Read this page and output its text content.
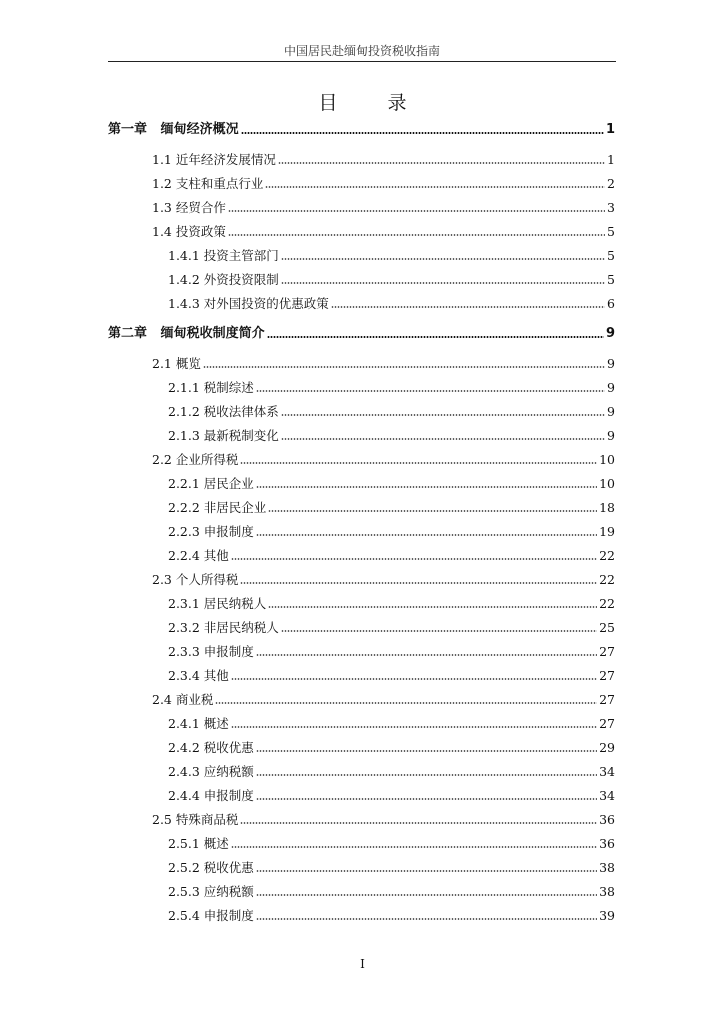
中国居民赴缅甸投资税收指南
目 录
第一章   缅甸经济概况	1
1.1 近年经济发展情况	1
1.2 支柱和重点行业	2
1.3 经贸合作	3
1.4 投资政策	5
1.4.1 投资主管部门	5
1.4.2 外资投资限制	5
1.4.3 对外国投资的优惠政策	6
第二章   缅甸税收制度简介	9
2.1 概览	9
2.1.1 税制综述	9
2.1.2 税收法律体系	9
2.1.3 最新税制变化	9
2.2 企业所得税	10
2.2.1 居民企业	10
2.2.2 非居民企业	18
2.2.3 申报制度	19
2.2.4 其他	22
2.3 个人所得税	22
2.3.1 居民纳税人	22
2.3.2 非居民纳税人	25
2.3.3 申报制度	27
2.3.4 其他	27
2.4 商业税	27
2.4.1 概述	27
2.4.2 税收优惠	29
2.4.3 应纳税额	34
2.4.4 申报制度	34
2.5 特殊商品税	36
2.5.1 概述	36
2.5.2 税收优惠	38
2.5.3 应纳税额	38
2.5.4 申报制度	39
I
